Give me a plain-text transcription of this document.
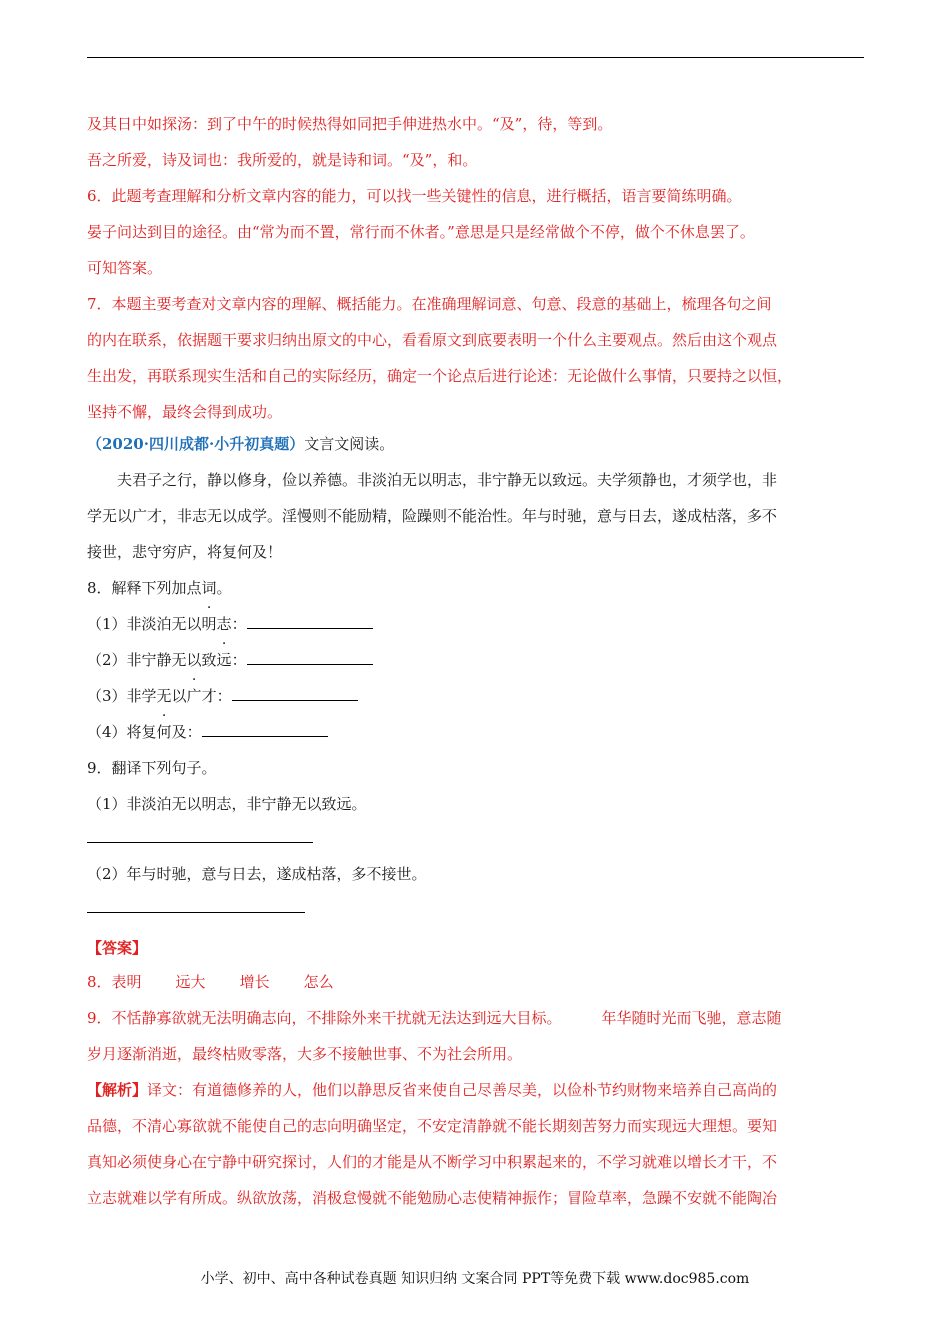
及其日中如探汤：到了中午的时候热得如同把手伸进热水中。“及”，待，等到。
吾之所爱，诗及词也：我所爱的，就是诗和词。“及”，和。
6．此题考查理解和分析文章内容的能力，可以找一些关键性的信息，进行概括，语言要简练明确。
晏子问达到目的途径。由“常为而不置，常行而不休者。”意思是只是经常做个不停，做个不休息罢了。
可知答案。
7．本题主要考查对文章内容的理解、概括能力。在准确理解词意、句意、段意的基础上，梳理各句之间
的内在联系，依据题干要求归纳出原文的中心，看看原文到底要表明一个什么主要观点。然后由这个观点
生出发，再联系现实生活和自己的实际经历，确定一个论点后进行论述：无论做什么事情，只要持之以恒，
坚持不懈，最终会得到成功。
（2020·四川成都·小升初真题）文言文阅读。
夫君子之行，静以修身，俭以养德。非淡泊无以明志，非宁静无以致远。夫学须静也，才须学也，非
学无以广才，非志无以成学。淫慢则不能励精，险躁则不能治性。年与时驰，意与日去，遂成枯落，多不
接世，悲守穷庐，将复何及！
8．解释下列加点词。
（1）非淡泊无以明志：
（2）非宁静无以致远：
（3）非学无以广才：
（4）将复何及：
9．翻译下列句子。
（1）非淡泊无以明志，非宁静无以致远。
（2）年与时驰，意与日去，遂成枯落，多不接世。
【答案】
8．表明 远大 增长 怎么
9．不恬静寡欲就无法明确志向，不排除外来干扰就无法达到远大目标。	年华随时光而飞驰，意志随
岁月逐渐消逝，最终枯败零落，大多不接触世事、不为社会所用。
【解析】译文：有道德修养的人，他们以静思反省来使自己尽善尽美，以俭朴节约财物来培养自己高尚的
品德，不清心寡欲就不能使自己的志向明确坚定，不安定清静就不能长期刻苦努力而实现远大理想。要知
真知必须使身心在宁静中研究探讨，人们的才能是从不断学习中积累起来的，不学习就难以增长才干，不
立志就难以学有所成。纵欲放荡，消极怠慢就不能勉励心志使精神振作；冒险草率，急躁不安就不能陶冶
小学、初中、高中各种试卷真题 知识归纳 文案合同 PPT等免费下载 www.doc985.com
